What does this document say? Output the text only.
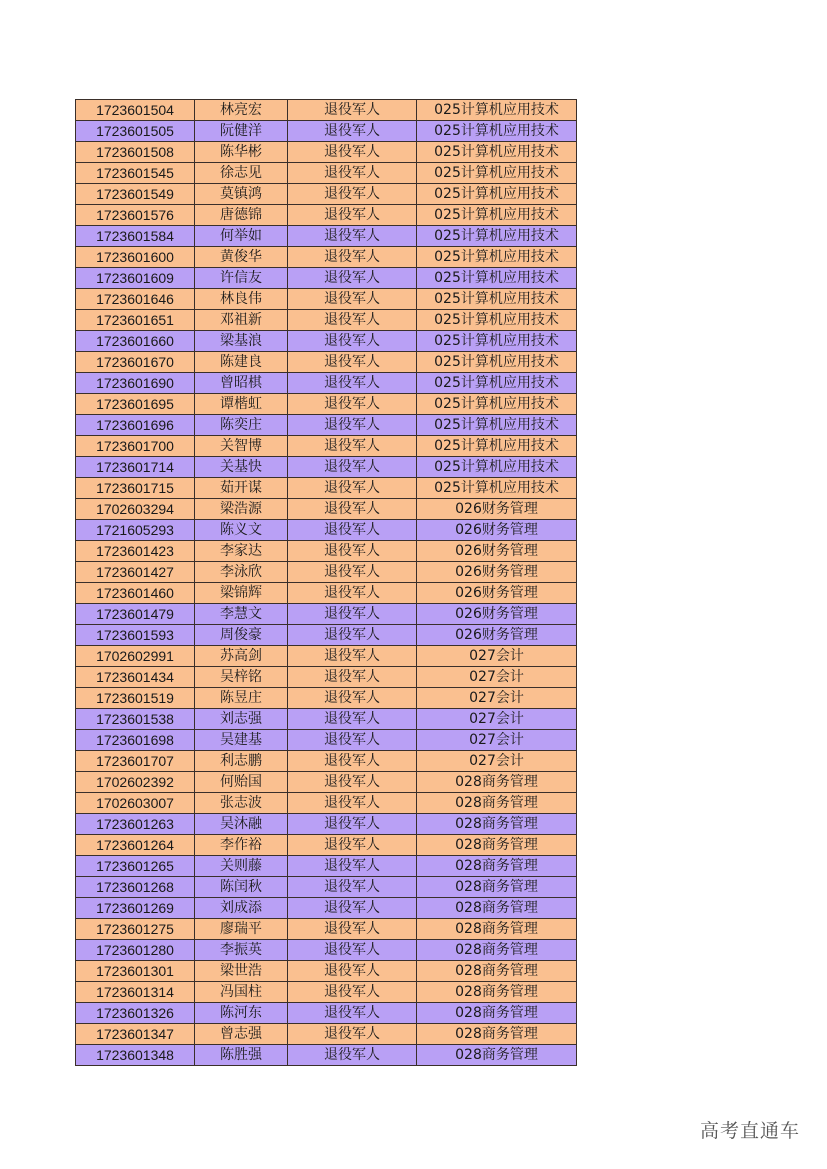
1723601504	林亮宏	退役军人	025计算机应用技术
1723601505	阮健洋	退役军人	025计算机应用技术
1723601508	陈华彬	退役军人	025计算机应用技术
1723601545	徐志见	退役军人	025计算机应用技术
1723601549	莫镇鸿	退役军人	025计算机应用技术
1723601576	唐德锦	退役军人	025计算机应用技术
1723601584	何举如	退役军人	025计算机应用技术
1723601600	黄俊华	退役军人	025计算机应用技术
1723601609	许信友	退役军人	025计算机应用技术
1723601646	林良伟	退役军人	025计算机应用技术
1723601651	邓祖新	退役军人	025计算机应用技术
1723601660	梁基浪	退役军人	025计算机应用技术
1723601670	陈建良	退役军人	025计算机应用技术
1723601690	曾昭棋	退役军人	025计算机应用技术
1723601695	谭楷虹	退役军人	025计算机应用技术
1723601696	陈奕庄	退役军人	025计算机应用技术
1723601700	关智博	退役军人	025计算机应用技术
1723601714	关基快	退役军人	025计算机应用技术
1723601715	茹开谋	退役军人	025计算机应用技术
1702603294	梁浩源	退役军人	026财务管理
1721605293	陈义文	退役军人	026财务管理
1723601423	李家达	退役军人	026财务管理
1723601427	李泳欣	退役军人	026财务管理
1723601460	梁锦辉	退役军人	026财务管理
1723601479	李慧文	退役军人	026财务管理
1723601593	周俊豪	退役军人	026财务管理
1702602991	苏高剑	退役军人	027会计
1723601434	吴梓铭	退役军人	027会计
1723601519	陈昱庄	退役军人	027会计
1723601538	刘志强	退役军人	027会计
1723601698	吴建基	退役军人	027会计
1723601707	利志鹏	退役军人	027会计
1702602392	何贻国	退役军人	028商务管理
1702603007	张志波	退役军人	028商务管理
1723601263	吴沐融	退役军人	028商务管理
1723601264	李作裕	退役军人	028商务管理
1723601265	关则藤	退役军人	028商务管理
1723601268	陈闰秋	退役军人	028商务管理
1723601269	刘成添	退役军人	028商务管理
1723601275	廖瑞平	退役军人	028商务管理
1723601280	李振英	退役军人	028商务管理
1723601301	梁世浩	退役军人	028商务管理
1723601314	冯国柱	退役军人	028商务管理
1723601326	陈河东	退役军人	028商务管理
1723601347	曾志强	退役军人	028商务管理
1723601348	陈胜强	退役军人	028商务管理
高考直通车
